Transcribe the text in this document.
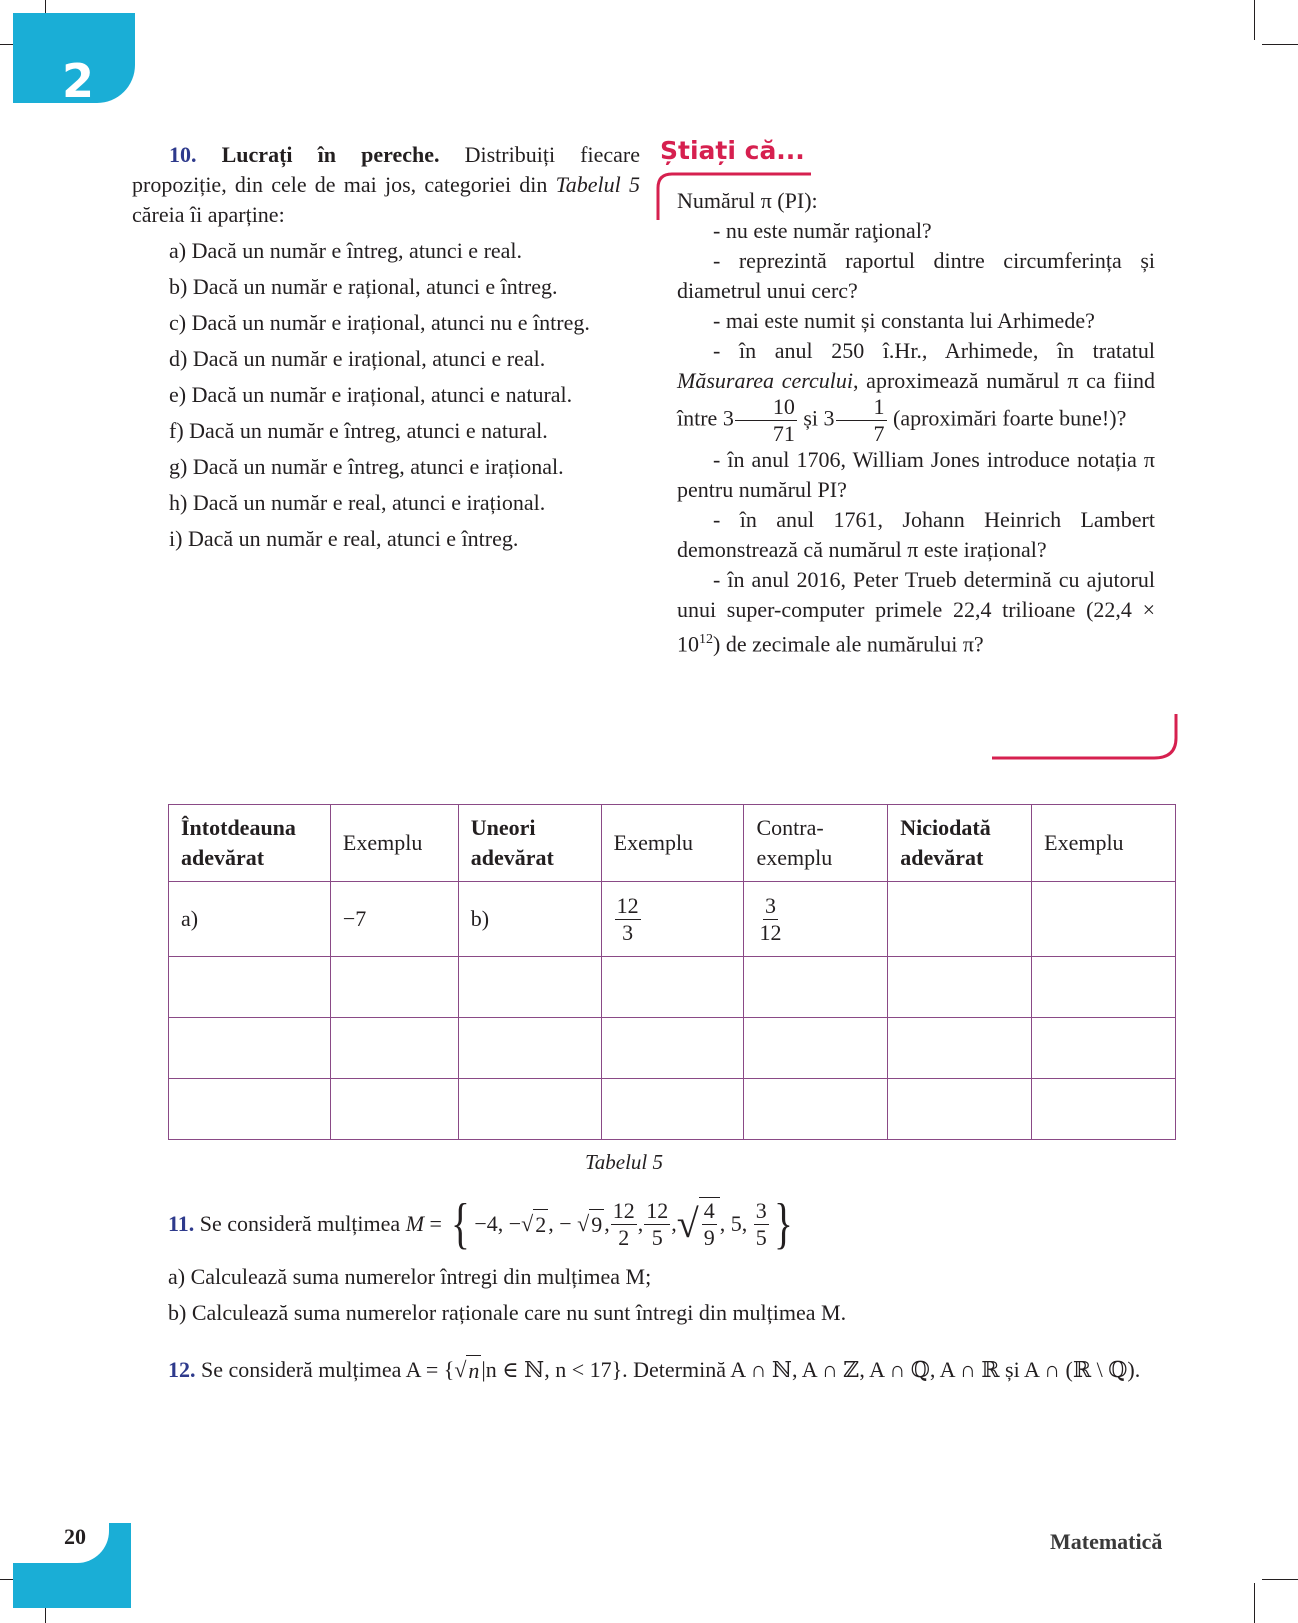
2

10. Lucrați în pereche. Distribuiți fiecare propoziție, din cele de mai jos, categoriei din Tabelul 5 căreia îi aparține:

a) Dacă un număr e întreg, atunci e real.

b) Dacă un număr e rațional, atunci e întreg.

c) Dacă un număr e irațional, atunci nu e întreg.

d) Dacă un număr e irațional, atunci e real.

e) Dacă un număr e irațional, atunci e natural.

f) Dacă un număr e întreg, atunci e natural.

g) Dacă un număr e întreg, atunci e irațional.

h) Dacă un număr e real, atunci e irațional.

i) Dacă un număr e real, atunci e întreg.

Știați că...
Numărul π (PI):
- nu este număr raţional?
- reprezintă raportul dintre circumferința și diametrul unui cerc?
- mai este numit și constanta lui Arhimede?
- în anul 250 î.Hr., Arhimede, în tratatul Măsurarea cercului, aproximează numărul π ca fiind între $3 \frac{10}{71}$ și $3 \frac{1}{7}$ (aproximări foarte bune!)?
- în anul 1706, William Jones introduce notația π pentru numărul PI?
- în anul 1761, Johann Heinrich Lambert demonstrează că numărul π este irațional?
- în anul 2016, Peter Trueb determină cu ajutorul unui super-computer primele 22,4 trilioane $(22,4 \times 10^{12})$ de zecimale ale numărului π?
Întotdeauna adevărat	Exemplu	Uneori adevărat	Exemplu	Contra-exemplu	Niciodată adevărat	Exemplu
a)	−7	b)	$\frac{12}{3}$	$\frac{3}{12}$

Tabelul 5
11. Se consideră mulțimea M = { −4, − √ 2 , − √ 9 , $\frac{12}{2}$ , $\frac{12}{5}$ , √ $\frac{4}{9}$ , 5, $\frac{3}{5}$ }
a) Calculează suma numerelor întregi din mulțimea M;
b) Calculează suma numerelor raționale care nu sunt întregi din mulțimea M.
12. Se consideră mulțimea A = { √ n |n ∈ ℕ, n < 17}. Determină A ∩ ℕ, A ∩ ℤ, A ∩ ℚ, A ∩ ℝ și A ∩ (ℝ \ ℚ).
20	Matematică
